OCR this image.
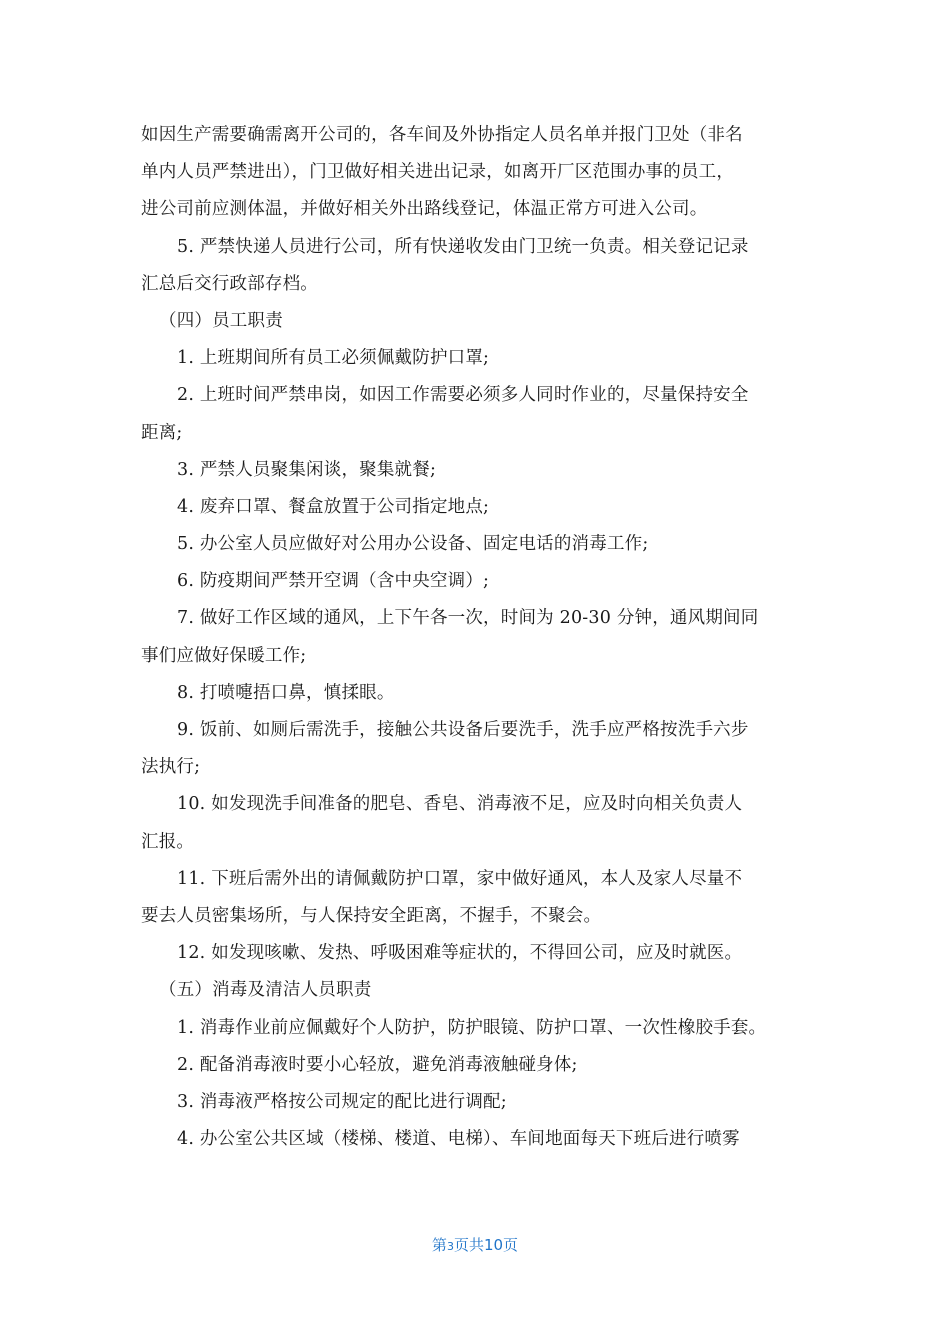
如因生产需要确需离开公司的，各车间及外协指定人员名单并报门卫处（非名
单内人员严禁进出），门卫做好相关进出记录，如离开厂区范围办事的员工，
进公司前应测体温，并做好相关外出路线登记，体温正常方可进入公司。
5. 严禁快递人员进行公司，所有快递收发由门卫统一负责。相关登记记录
汇总后交行政部存档。
（四）员工职责
1. 上班期间所有员工必须佩戴防护口罩;
2. 上班时间严禁串岗，如因工作需要必须多人同时作业的，尽量保持安全
距离;
3. 严禁人员聚集闲谈，聚集就餐;
4. 废弃口罩、餐盒放置于公司指定地点;
5. 办公室人员应做好对公用办公设备、固定电话的消毒工作;
6. 防疫期间严禁开空调（含中央空调）;
7. 做好工作区域的通风，上下午各一次，时间为 20-30 分钟，通风期间同
事们应做好保暖工作;
8. 打喷嚏捂口鼻，慎揉眼。
9. 饭前、如厕后需洗手，接触公共设备后要洗手，洗手应严格按洗手六步
法执行;
10. 如发现洗手间准备的肥皂、香皂、消毒液不足，应及时向相关负责人
汇报。
11. 下班后需外出的请佩戴防护口罩，家中做好通风，本人及家人尽量不
要去人员密集场所，与人保持安全距离，不握手，不聚会。
12. 如发现咳嗽、发热、呼吸困难等症状的，不得回公司，应及时就医。
（五）消毒及清洁人员职责
1. 消毒作业前应佩戴好个人防护，防护眼镜、防护口罩、一次性橡胶手套。
2. 配备消毒液时要小心轻放，避免消毒液触碰身体;
3. 消毒液严格按公司规定的配比进行调配;
4. 办公室公共区域（楼梯、楼道、电梯）、车间地面每天下班后进行喷雾
第3页共10页
